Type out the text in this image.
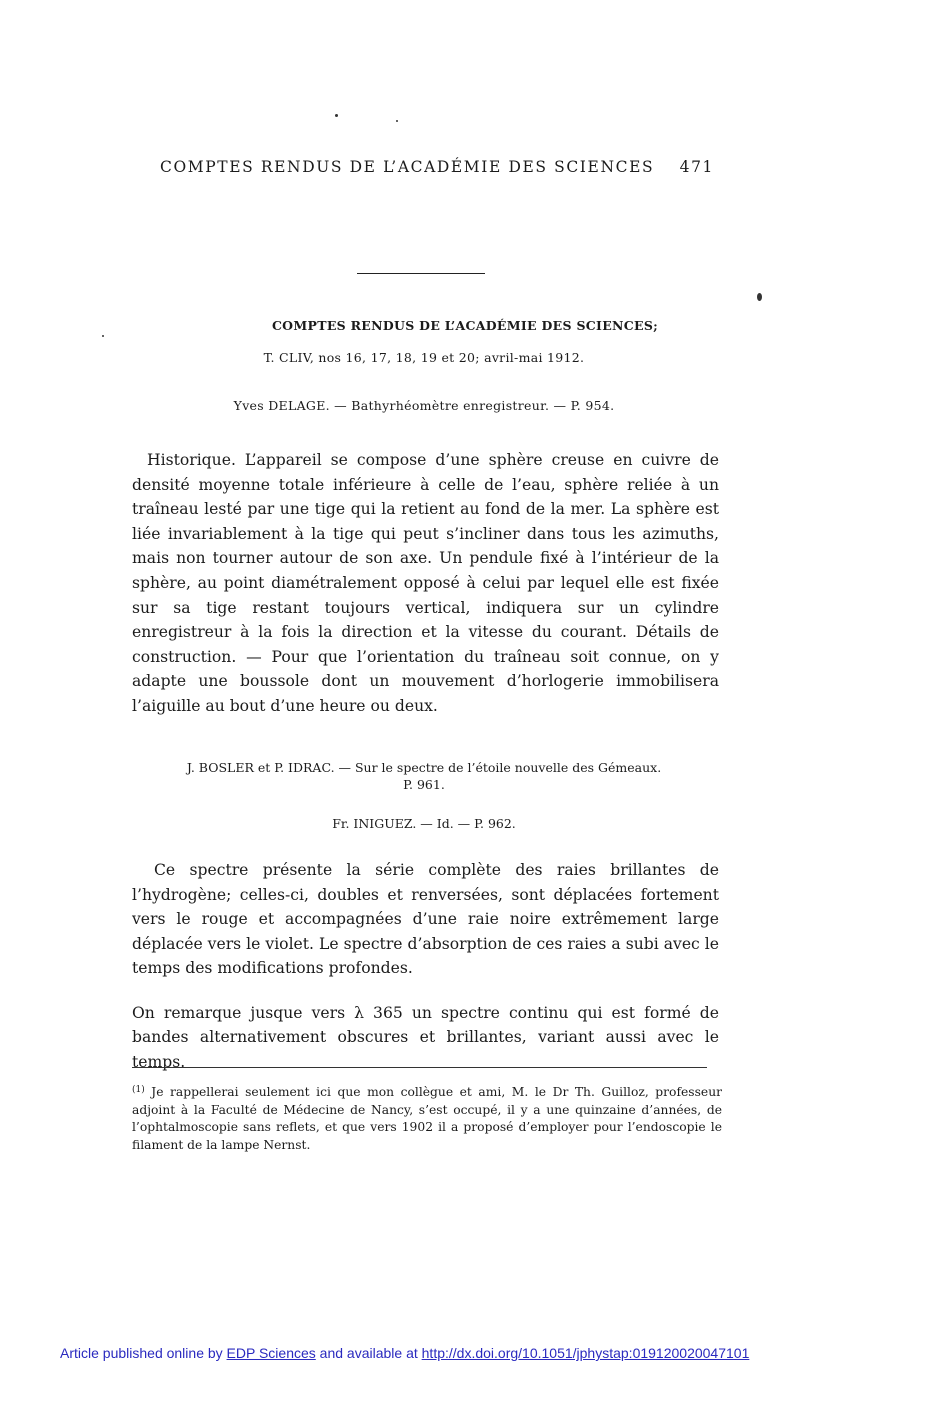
COMPTES RENDUS DE L’ACADÉMIE DES SCIENCES 471
COMPTES RENDUS DE L’ACADÉMIE DES SCIENCES;
T. CLIV, nos 16, 17, 18, 19 et 20; avril-mai 1912.
Yves DELAGE. — Bathyrhéomètre enregistreur. — P. 954.

Historique. L’appareil se compose d’une sphère creuse en cuivre de densité moyenne totale inférieure à celle de l’eau, sphère reliée à un traîneau lesté par une tige qui la retient au fond de la mer. La sphère est liée invariablement à la tige qui peut s’incliner dans tous les azimuths, mais non tourner autour de son axe. Un pendule fixé à l’intérieur de la sphère, au point diamétralement opposé à celui par lequel elle est fixée sur sa tige restant toujours vertical, indiquera sur un cylindre enregistreur à la fois la direction et la vitesse du courant. Détails de construction. — Pour que l’orientation du traîneau soit connue, on y adapte une boussole dont un mouvement d’horlogerie immobilisera l’aiguille au bout d’une heure ou deux.

J. BOSLER et P. IDRAC. — Sur le spectre de l’étoile nouvelle des Gémeaux.
P. 961.
Fr. INIGUEZ. — Id. — P. 962.

Ce spectre présente la série complète des raies brillantes de l’hydrogène; celles-ci, doubles et renversées, sont déplacées fortement vers le rouge et accompagnées d’une raie noire extrêmement large déplacée vers le violet. Le spectre d’absorption de ces raies a subi avec le temps des modifications profondes.

On remarque jusque vers λ 365 un spectre continu qui est formé de bandes alternativement obscures et brillantes, variant aussi avec le temps.

$^{(1)}$ Je rappellerai seulement ici que mon collègue et ami, M. le Dr Th. Guilloz, professeur adjoint à la Faculté de Médecine de Nancy, s’est occupé, il y a une quinzaine d’années, de l’ophtalmoscopie sans reflets, et que vers 1902 il a proposé d’employer pour l’endoscopie le filament de la lampe Nernst.
Article published online by EDP Sciences and available at http://dx.doi.org/10.1051/jphystap:019120020047101
